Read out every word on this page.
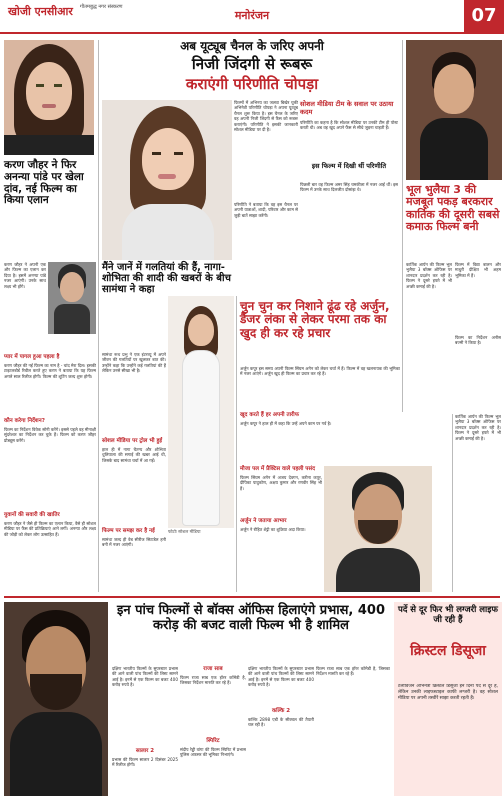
खोजी एनसीआर गौतमबुद्ध नगर संस्करण
मनोरंजन	07
करण जौहर ने फिर अनन्या पांडे पर खेला दांव, नई फिल्म का किया एलान
करण जौहर ने अपनी एक और फिल्म का एलान कर दिया है। इसमें अनन्या पांडे नजर आएंगी। उनके साथ लक्ष्य भी होंगे।
प्यार में पागल हुआ पहला है
करण जौहर की नई फिल्म का नाम है - चांद मेरा दिल। इसकी टाइटलबोर्ड रिवील करते हुए करण ने बताया कि यह फिल्म अगले साल रिलीज होगी। फिल्म की शूटिंग जल्द शुरू होगी।
कौन करेगा निर्देशन?
फिल्म का निर्देशन विवेक सोनी करेंगे। इससे पहले वह मीनाक्षी सुंदरेश्वर का निर्देशन कर चुके हैं। फिल्म को करण जौहर प्रोड्यूस करेंगे।
युवानों की सवारी की खातिर
करण जौहर ने जैसे ही फिल्म का एलान किया, वैसे ही सोशल मीडिया पर फैंस की प्रतिक्रियाएं आने लगीं। अनन्या और लक्ष्य की जोड़ी को लेकर लोग उत्साहित हैं।
अब यूट्यूब चैनल के जरिए अपनी
निजी जिंदगी से रूबरू
कराएंगी परिणीति चोपड़ा
फिल्मों में अभिनय का जलवा बिखेर चुकी अभिनेत्री परिणीति चोपड़ा ने अपना यूट्यूब चैनल शुरू किया है। इस चैनल के जरिए वह अपनी निजी जिंदगी से फैंस को रूबरू कराएंगी। परिणीति ने इसकी जानकारी सोशल मीडिया पर दी है।
परिणीति ने बताया कि वह इस चैनल पर अपनी यात्राओं, शादी, परिवार और काम से जुड़ी बातें साझा करेंगी।
सोशल मीडिया टीम के सवाल पर उठाया कदम
परिणीति का कहना है कि सोशल मीडिया पर उनकी टीम ही पोस्ट करती थी। अब वह खुद अपने फैंस से सीधे जुड़ना चाहती हैं।
इस फिल्म में दिखी थीं परिणीति
पिछली बार वह फिल्म अमर सिंह चमकीला में नजर आई थीं। इस फिल्म में उनके साथ दिलजीत दोसांझ थे।
मैंने जानें में गलतियां की हैं, नागा-शोभिता की शादी की खबरों के बीच सामंथा ने कहा
सामंथा रूथ प्रभु ने एक इंटरव्यू में अपने जीवन की गलतियों पर खुलकर बात की। उन्होंने कहा कि उन्होंने कई गलतियां की हैं लेकिन उनसे सीखा भी है।
सोशल मीडिया पर ट्रोल भी हुईं
हाल ही में नागा चैतन्य और शोभिता धुलिपाला की सगाई की खबर आई थी, जिसके बाद सामंथा चर्चा में आ गईं।
फिल्म पर समझ कर है नई
सामंथा जल्द ही वेब सीरीज सिटाडेल हनी बनी में नजर आएंगी।
फोटोः सोशल मीडिया
चुन चुन कर निशाने ढूंढ रहे अर्जुन, डैंजर लंका से लेकर परमा तक का खुद ही कर रहे प्रचार
अर्जुन कपूर इस समय अपनी फिल्म सिंघम अगेन को लेकर चर्चा में हैं। फिल्म में वह खलनायक की भूमिका में नजर आएंगे। अर्जुन खुद ही फिल्म का प्रचार कर रहे हैं।
खूद करते हैं हर अपनी तारीफ
अर्जुन कपूर ने हाल ही में कहा कि उन्हें अपने काम पर गर्व है।
मौजा पल में प्रैक्टिस वाले पहली पसंद
फिल्म सिंघम अगेन में अजय देवगन, करीना कपूर, दीपिका पादुकोण, अक्षय कुमार और रणवीर सिंह भी हैं।
अर्जुन ने जताया आभार
अर्जुन ने रोहित शेट्टी का शुक्रिया अदा किया।
भूल भुलैया 3 की मजबूत पकड़ बरकरार कार्तिक की दूसरी सबसे कमाऊ फिल्म बनी
कार्तिक आर्यन की फिल्म भूल भुलैया 3 बॉक्स ऑफिस पर शानदार प्रदर्शन कर रही है। फिल्म ने दूसरे हफ्ते में भी अच्छी कमाई की है।
फिल्म में विद्या बालन और माधुरी दीक्षित भी अहम भूमिका में हैं।
फिल्म का निर्देशन अनीस बज्मी ने किया है।
कार्तिक आर्यन की फिल्म भूल भुलैया 3 बॉक्स ऑफिस पर शानदार प्रदर्शन कर रही है। फिल्म ने दूसरे हफ्ते में भी अच्छी कमाई की है।
इन पांच फिल्मों से बॉक्स ऑफिस हिलाएंगे प्रभास, 400 करोड़ की बजट वाली फिल्म भी है शामिल
दक्षिण भारतीय फिल्मों के सुपरस्टार प्रभास की आने वाली पांच फिल्मों की लिस्ट सामने आई है। इनमें से एक फिल्म का बजट 400 करोड़ रुपये है।
सालार 2
प्रभास की फिल्म सालार 2 दिसंबर 2025 में रिलीज होगी।
राजा साब
फिल्म राजा साब एक हॉरर कॉमेडी है, जिसका निर्देशन मारुति कर रहे हैं।
स्पिरिट
संदीप रेड्डी वांगा की फिल्म स्पिरिट में प्रभास पुलिस अफसर की भूमिका निभाएंगे।
दक्षिण भारतीय फिल्मों के सुपरस्टार प्रभास की आने वाली पांच फिल्मों की लिस्ट सामने आई है। इनमें से एक फिल्म का बजट 400 करोड़ रुपये है।
कल्कि 2
कल्कि 2898 एडी के सीक्वल की तैयारी चल रही है।
फिल्म राजा साब एक हॉरर कॉमेडी है, जिसका निर्देशन मारुति कर रहे हैं।
पर्दे से दूर फिर भी लग्जरी लाइफ जी रही हैं
क्रिस्टल डिसूजा
टेलीविजन अभिनेत्री क्रिस्टल डिसूजा इन दिनों पर्दे से दूर हैं, लेकिन उनकी लाइफस्टाइल काफी लग्जरी है। वह सोशल मीडिया पर अपनी तस्वीरें साझा करती रहती हैं।
